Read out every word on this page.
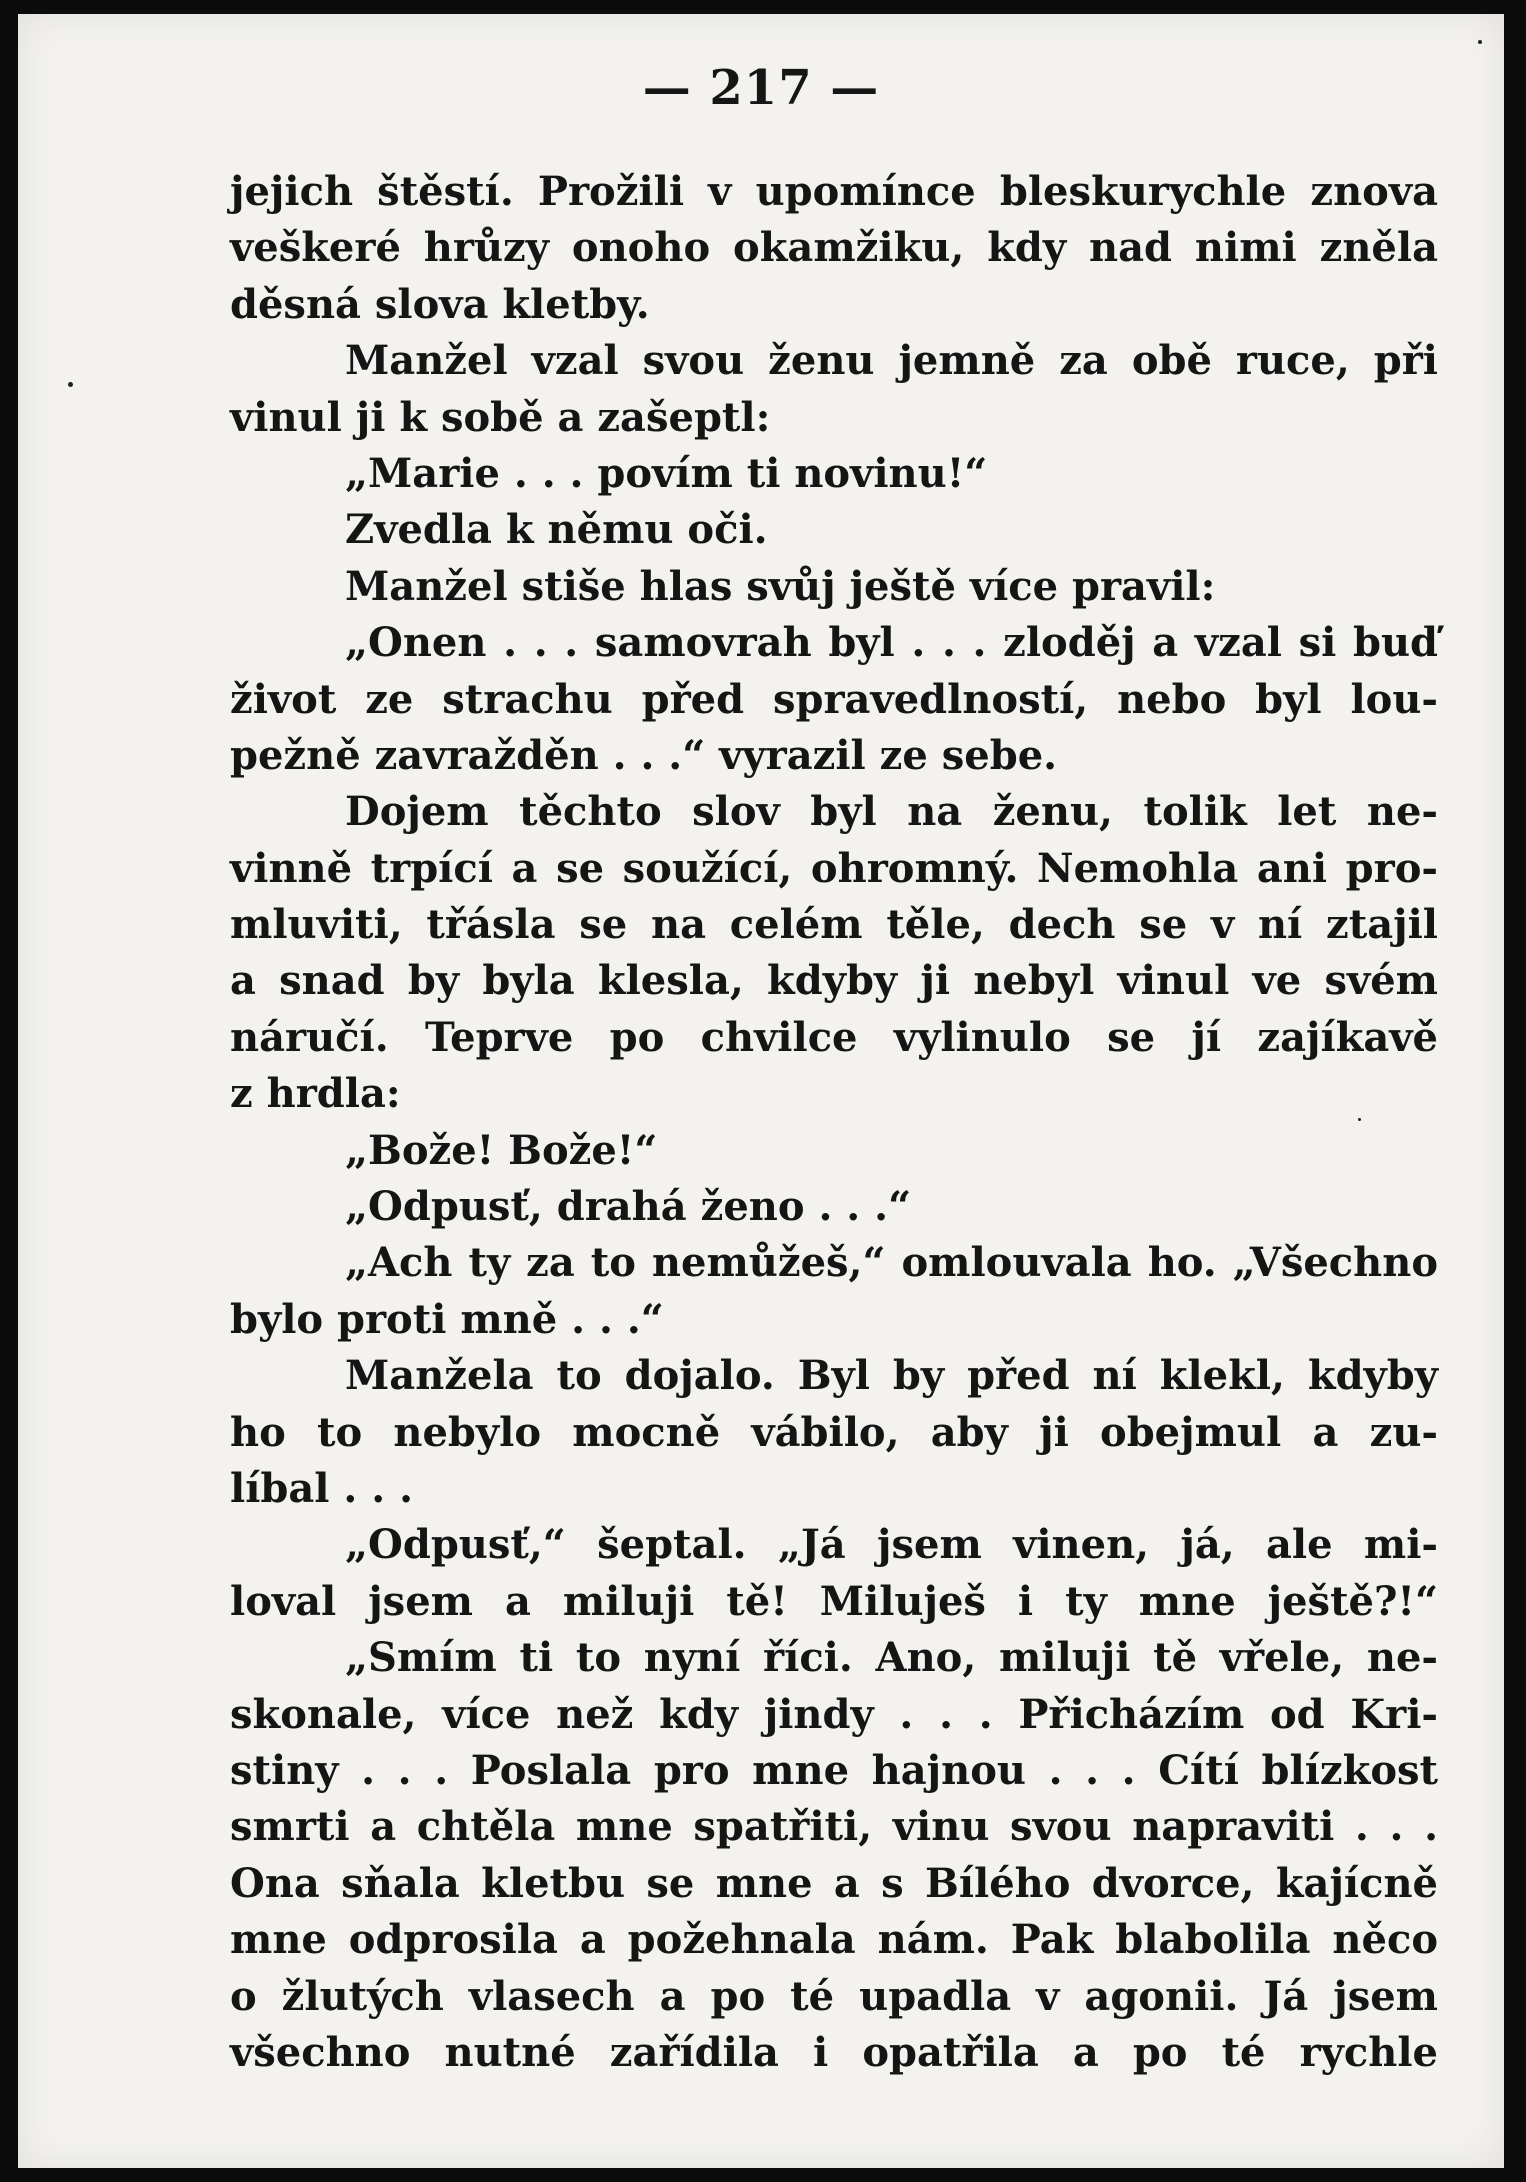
— 217 —
jejich štěstí. Prožili v upomínce bleskurychle znova
veškeré hrůzy onoho okamžiku, kdy nad nimi zněla
děsná slova kletby.
Manžel vzal svou ženu jemně za obě ruce, při
vinul ji k sobě a zašeptl:
„Marie . . . povím ti novinu!“
Zvedla k němu oči.
Manžel stiše hlas svůj ještě více pravil:
„Onen . . . samovrah byl . . . zloděj a vzal si buď
život ze strachu před spravedlností, nebo byl lou-
pežně zavražděn . . .“ vyrazil ze sebe.
Dojem těchto slov byl na ženu, tolik let ne-
vinně trpící a se soužící, ohromný. Nemohla ani pro-
mluviti, třásla se na celém těle, dech se v ní ztajil
a snad by byla klesla, kdyby ji nebyl vinul ve svém
náručí. Teprve po chvilce vylinulo se jí zajíkavě
z hrdla:
„Bože! Bože!“
„Odpusť, drahá ženo . . .“
„Ach ty za to nemůžeš,“ omlouvala ho. „Všechno
bylo proti mně . . .“
Manžela to dojalo. Byl by před ní klekl, kdyby
ho to nebylo mocně vábilo, aby ji obejmul a zu-
líbal . . .
„Odpusť,“ šeptal. „Já jsem vinen, já, ale mi-
loval jsem a miluji tě! Miluješ i ty mne ještě?!“
„Smím ti to nyní říci. Ano, miluji tě vřele, ne-
skonale, více než kdy jindy . . . Přicházím od Kri-
stiny . . . Poslala pro mne hajnou . . . Cítí blízkost
smrti a chtěla mne spatřiti, vinu svou napraviti . . .
Ona sňala kletbu se mne a s Bílého dvorce, kajícně
mne odprosila a požehnala nám. Pak blabolila něco
o žlutých vlasech a po té upadla v agonii. Já jsem
všechno nutné zařídila i opatřila a po té rychle
